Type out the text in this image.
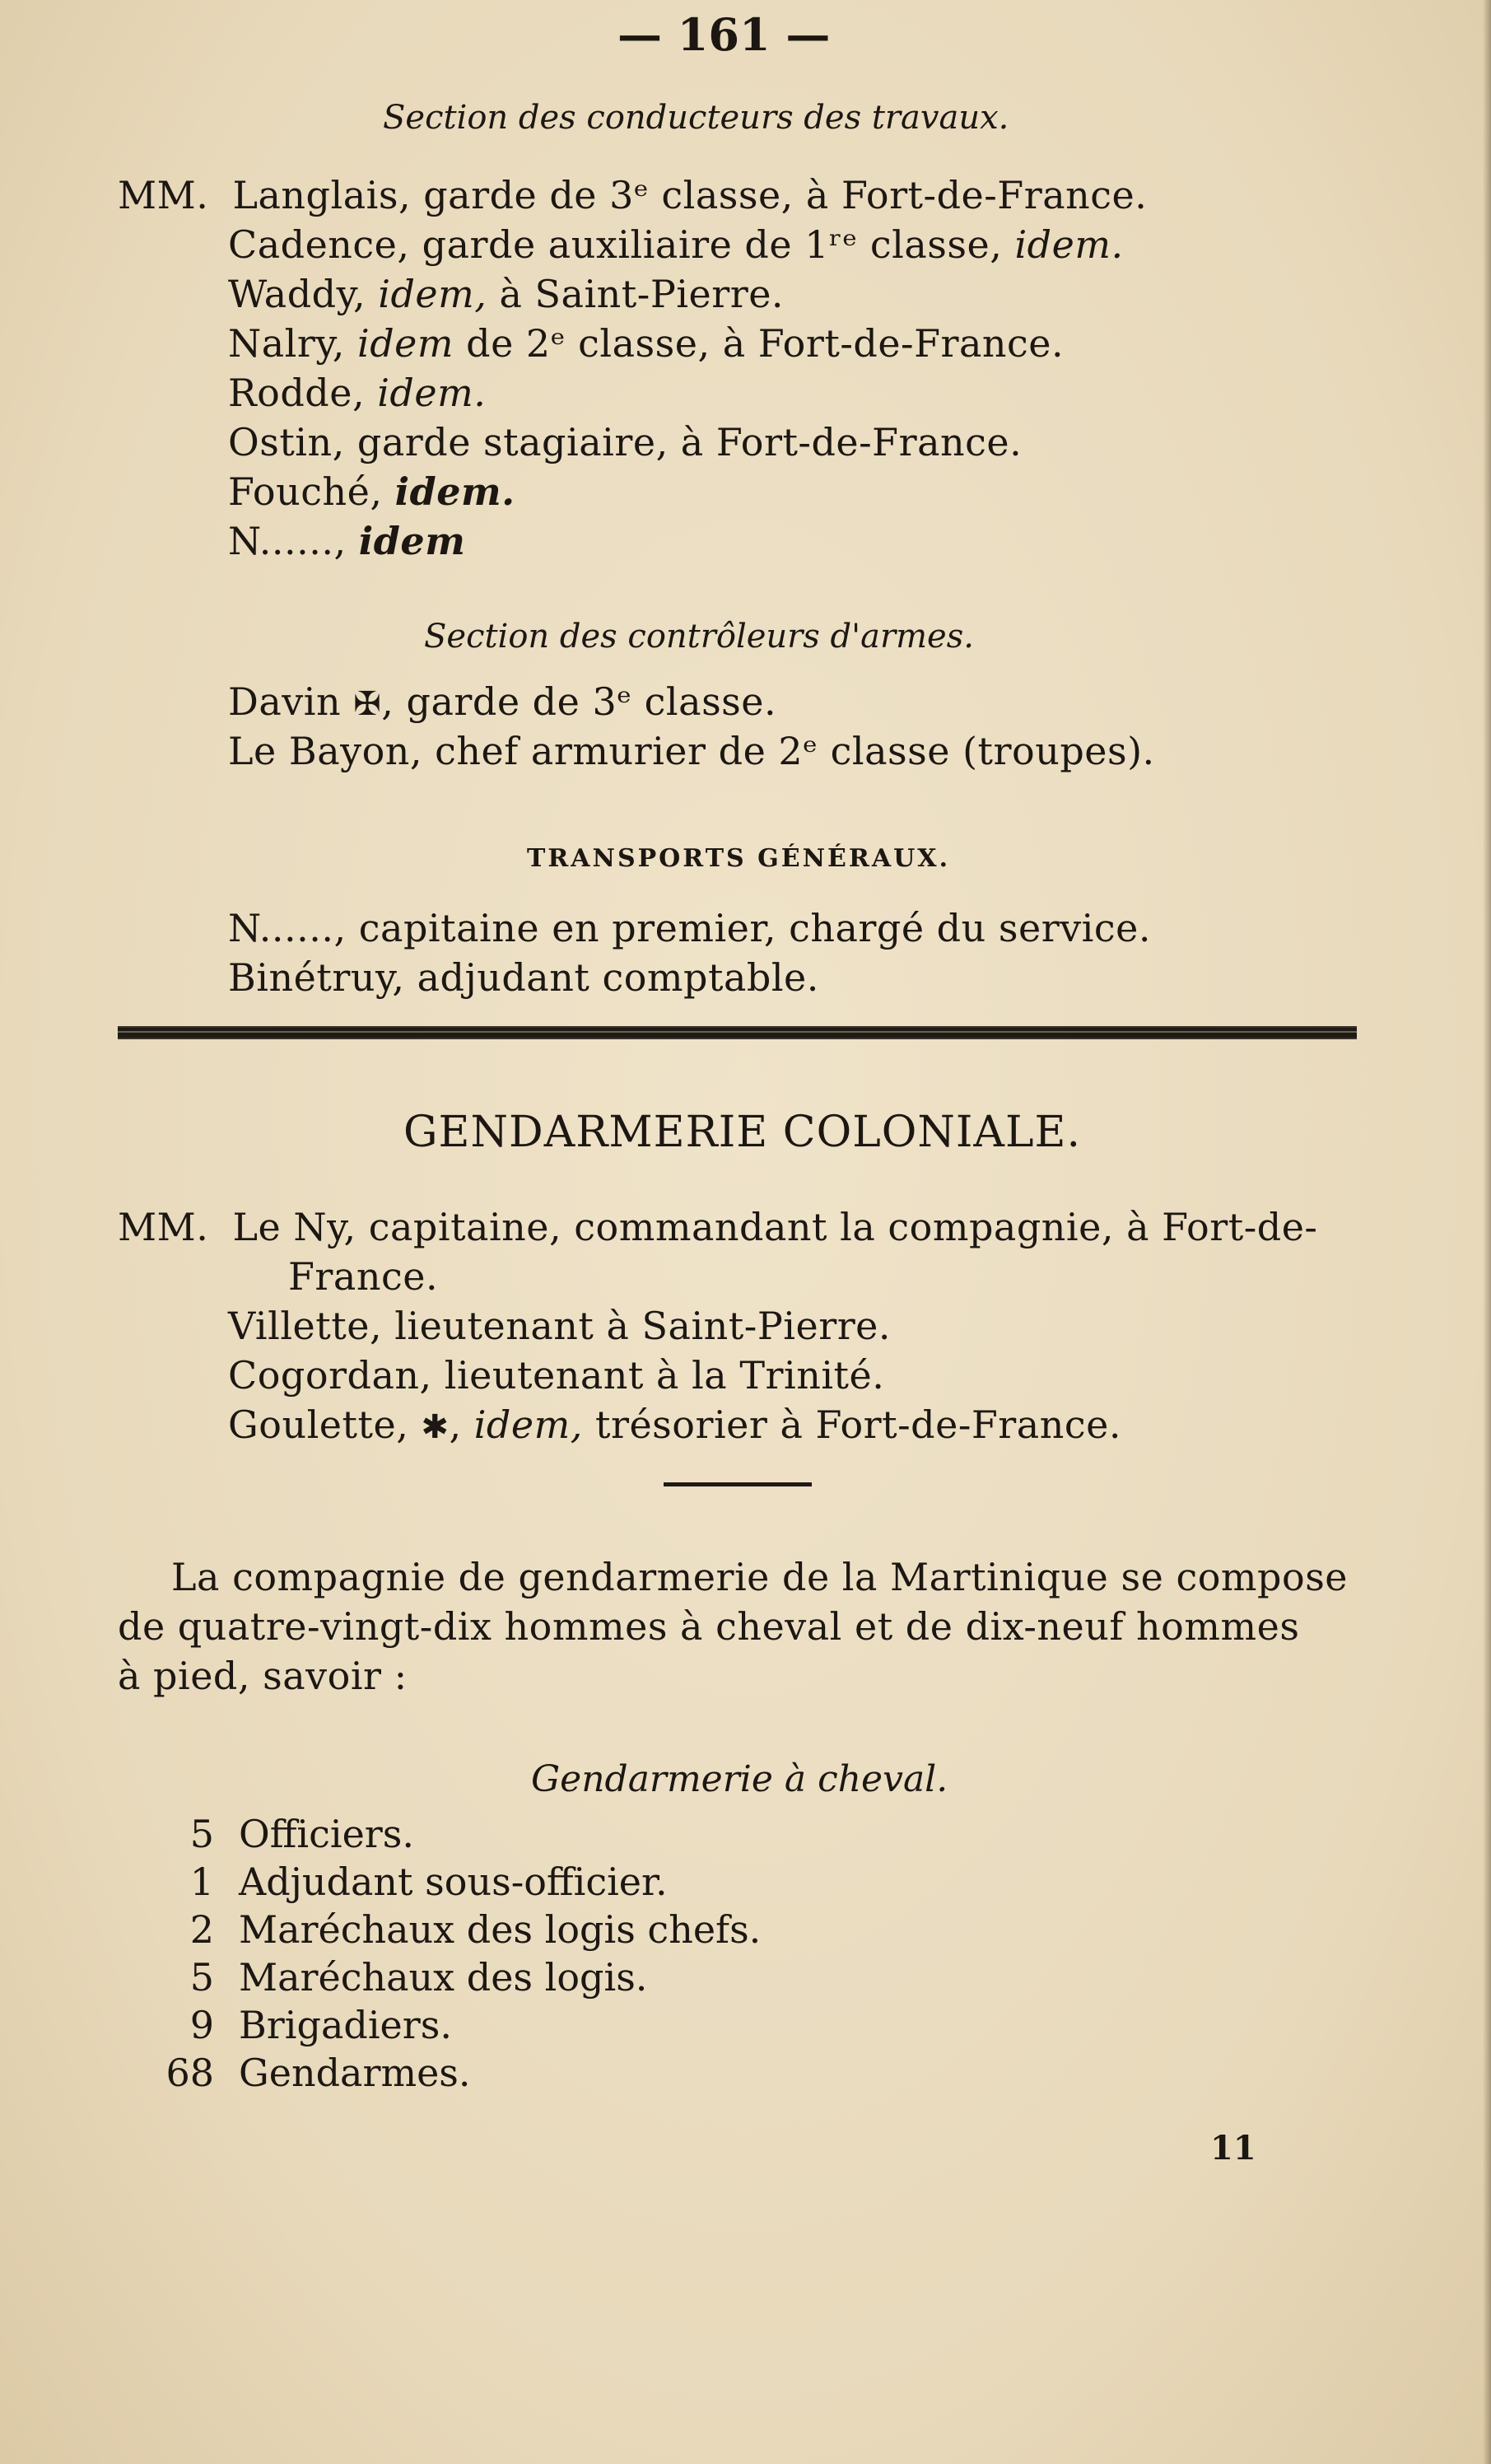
— 161 —
Section des conducteurs des travaux.
MM. Langlais, garde de 3ᵉ classe, à Fort-de-France.
Cadence, garde auxiliaire de 1ʳᵉ classe, idem.
Waddy, idem, à Saint-Pierre.
Nalry, idem de 2ᵉ classe, à Fort-de-France.
Rodde, idem.
Ostin, garde stagiaire, à Fort-de-France.
Fouché, idem.
N......, idem
Section des contrôleurs d'armes.
Davin ✠, garde de 3ᵉ classe.
Le Bayon, chef armurier de 2ᵉ classe (troupes).
TRANSPORTS GÉNÉRAUX.
N......, capitaine en premier, chargé du service.
Binétruy, adjudant comptable.
GENDARMERIE COLONIALE.
MM. Le Ny, capitaine, commandant la compagnie, à Fort-de-
France.
Villette, lieutenant à Saint-Pierre.
Cogordan, lieutenant à la Trinité.
Goulette, ✱, idem, trésorier à Fort-de-France.
La compagnie de gendarmerie de la Martinique se compose
de quatre-vingt-dix hommes à cheval et de dix-neuf hommes
à pied, savoir :
Gendarmerie à cheval.
5 Officiers.
1 Adjudant sous-officier.
2 Maréchaux des logis chefs.
5 Maréchaux des logis.
9 Brigadiers.
68 Gendarmes.
11
